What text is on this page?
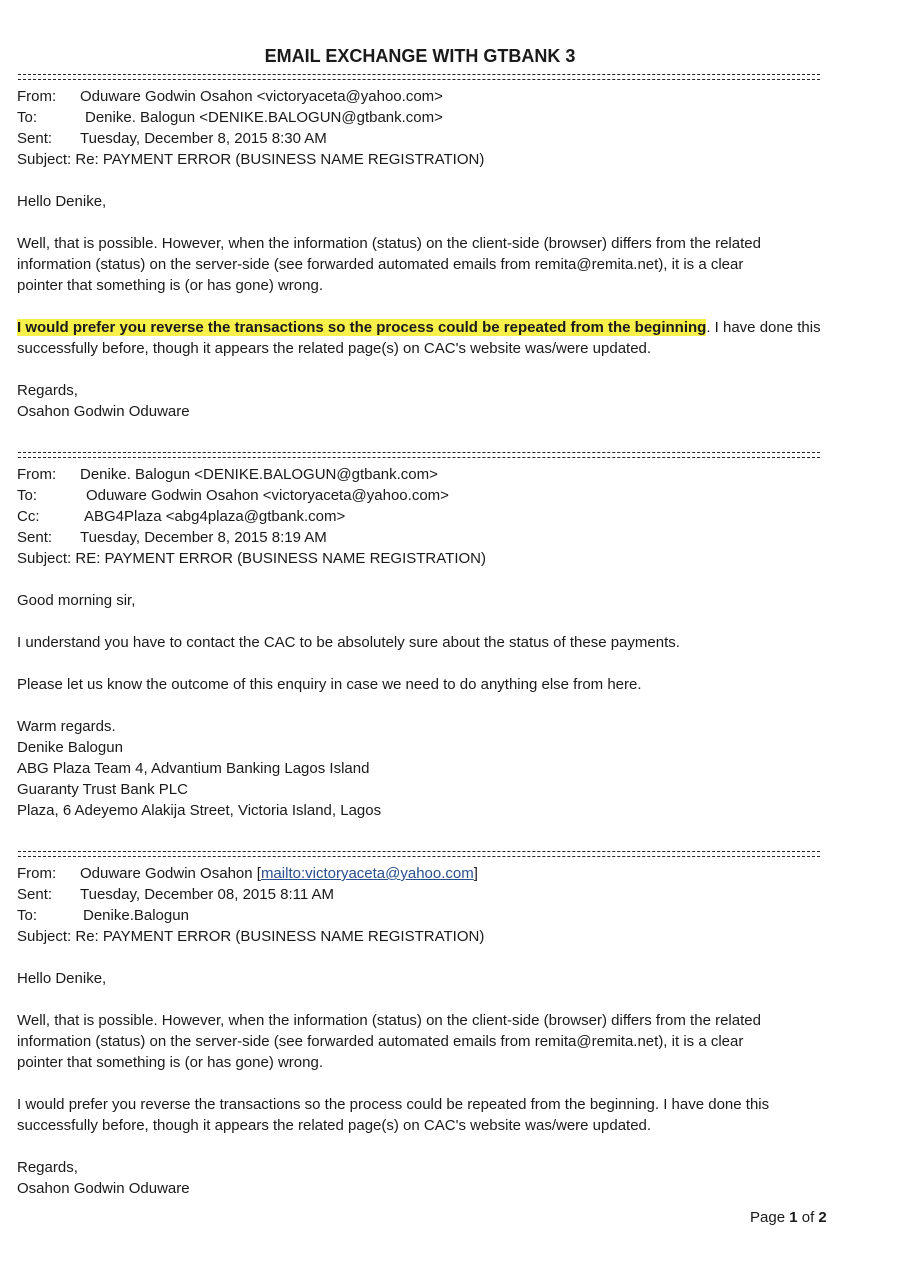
EMAIL EXCHANGE WITH GTBANK 3
From: Oduware Godwin Osahon <victoryaceta@yahoo.com>
To:	Denike. Balogun <DENIKE.BALOGUN@gtbank.com>
Sent: Tuesday, December 8, 2015 8:30 AM
Subject: Re: PAYMENT ERROR (BUSINESS NAME REGISTRATION)
Hello Denike,
Well, that is possible. However, when the information (status) on the client-side (browser) differs from the related
information (status) on the server-side (see forwarded automated emails from remita@remita.net), it is a clear
pointer that something is (or has gone) wrong.
I would prefer you reverse the transactions so the process could be repeated from the beginning. I have done this
successfully before, though it appears the related page(s) on CAC's website was/were updated.
Regards,
Osahon Godwin Oduware
From: Denike. Balogun <DENIKE.BALOGUN@gtbank.com>
To:	Oduware Godwin Osahon <victoryaceta@yahoo.com>
Cc:	ABG4Plaza <abg4plaza@gtbank.com>
Sent: Tuesday, December 8, 2015 8:19 AM
Subject: RE: PAYMENT ERROR (BUSINESS NAME REGISTRATION)
Good morning sir,
I understand you have to contact the CAC to be absolutely sure about the status of these payments.
Please let us know the outcome of this enquiry in case we need to do anything else from here.
Warm regards.
Denike Balogun
ABG Plaza Team 4, Advantium Banking Lagos Island
Guaranty Trust Bank PLC
Plaza, 6 Adeyemo Alakija Street, Victoria Island, Lagos
From: Oduware Godwin Osahon [mailto:victoryaceta@yahoo.com]
Sent: Tuesday, December 08, 2015 8:11 AM
To:	Denike.Balogun
Subject: Re: PAYMENT ERROR (BUSINESS NAME REGISTRATION)
Hello Denike,
Well, that is possible. However, when the information (status) on the client-side (browser) differs from the related
information (status) on the server-side (see forwarded automated emails from remita@remita.net), it is a clear
pointer that something is (or has gone) wrong.
I would prefer you reverse the transactions so the process could be repeated from the beginning. I have done this
successfully before, though it appears the related page(s) on CAC's website was/were updated.
Regards,
Osahon Godwin Oduware
Page 1 of 2
